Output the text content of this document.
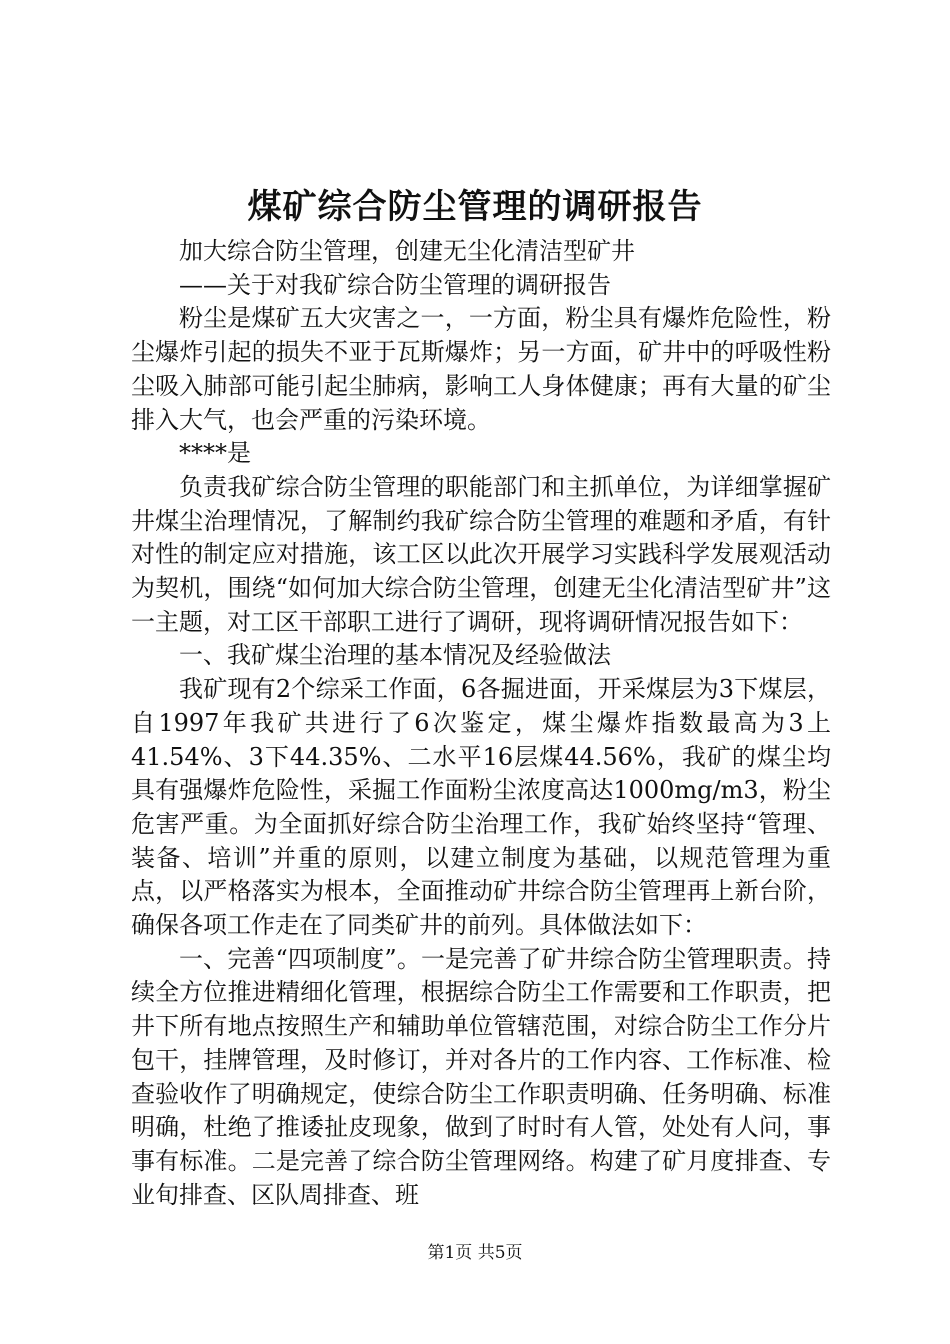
煤矿综合防尘管理的调研报告

加大综合防尘管理，创建无尘化清洁型矿井

——关于对我矿综合防尘管理的调研报告

粉尘是煤矿五大灾害之一，一方面，粉尘具有爆炸危险性，粉尘爆炸引起的损失不亚于瓦斯爆炸；另一方面，矿井中的呼吸性粉尘吸入肺部可能引起尘肺病，影响工人身体健康；再有大量的矿尘排入大气，也会严重的污染环境。

****是

负责我矿综合防尘管理的职能部门和主抓单位，为详细掌握矿井煤尘治理情况，了解制约我矿综合防尘管理的难题和矛盾，有针对性的制定应对措施，该工区以此次开展学习实践科学发展观活动为契机，围绕“如何加大综合防尘管理，创建无尘化清洁型矿井”这一主题，对工区干部职工进行了调研，现将调研情况报告如下：

一、我矿煤尘治理的基本情况及经验做法

我矿现有2个综采工作面，6各掘进面，开采煤层为3下煤层，自1997年我矿共进行了6次鉴定，煤尘爆炸指数最高为3上41.54%、3下44.35%、二水平16层煤44.56%，我矿的煤尘均具有强爆炸危险性，采掘工作面粉尘浓度高达1000mg/m3，粉尘危害严重。为全面抓好综合防尘治理工作，我矿始终坚持“管理、装备、培训”并重的原则，以建立制度为基础，以规范管理为重点，以严格落实为根本，全面推动矿井综合防尘管理再上新台阶，确保各项工作走在了同类矿井的前列。具体做法如下：

一、完善“四项制度”。一是完善了矿井综合防尘管理职责。持续全方位推进精细化管理，根据综合防尘工作需要和工作职责，把井下所有地点按照生产和辅助单位管辖范围，对综合防尘工作分片包干，挂牌管理，及时修订，并对各片的工作内容、工作标准、检查验收作了明确规定，使综合防尘工作职责明确、任务明确、标准明确，杜绝了推诿扯皮现象，做到了时时有人管，处处有人问，事事有标准。二是完善了综合防尘管理网络。构建了矿月度排查、专业旬排查、区队周排查、班

第1页 共5页
